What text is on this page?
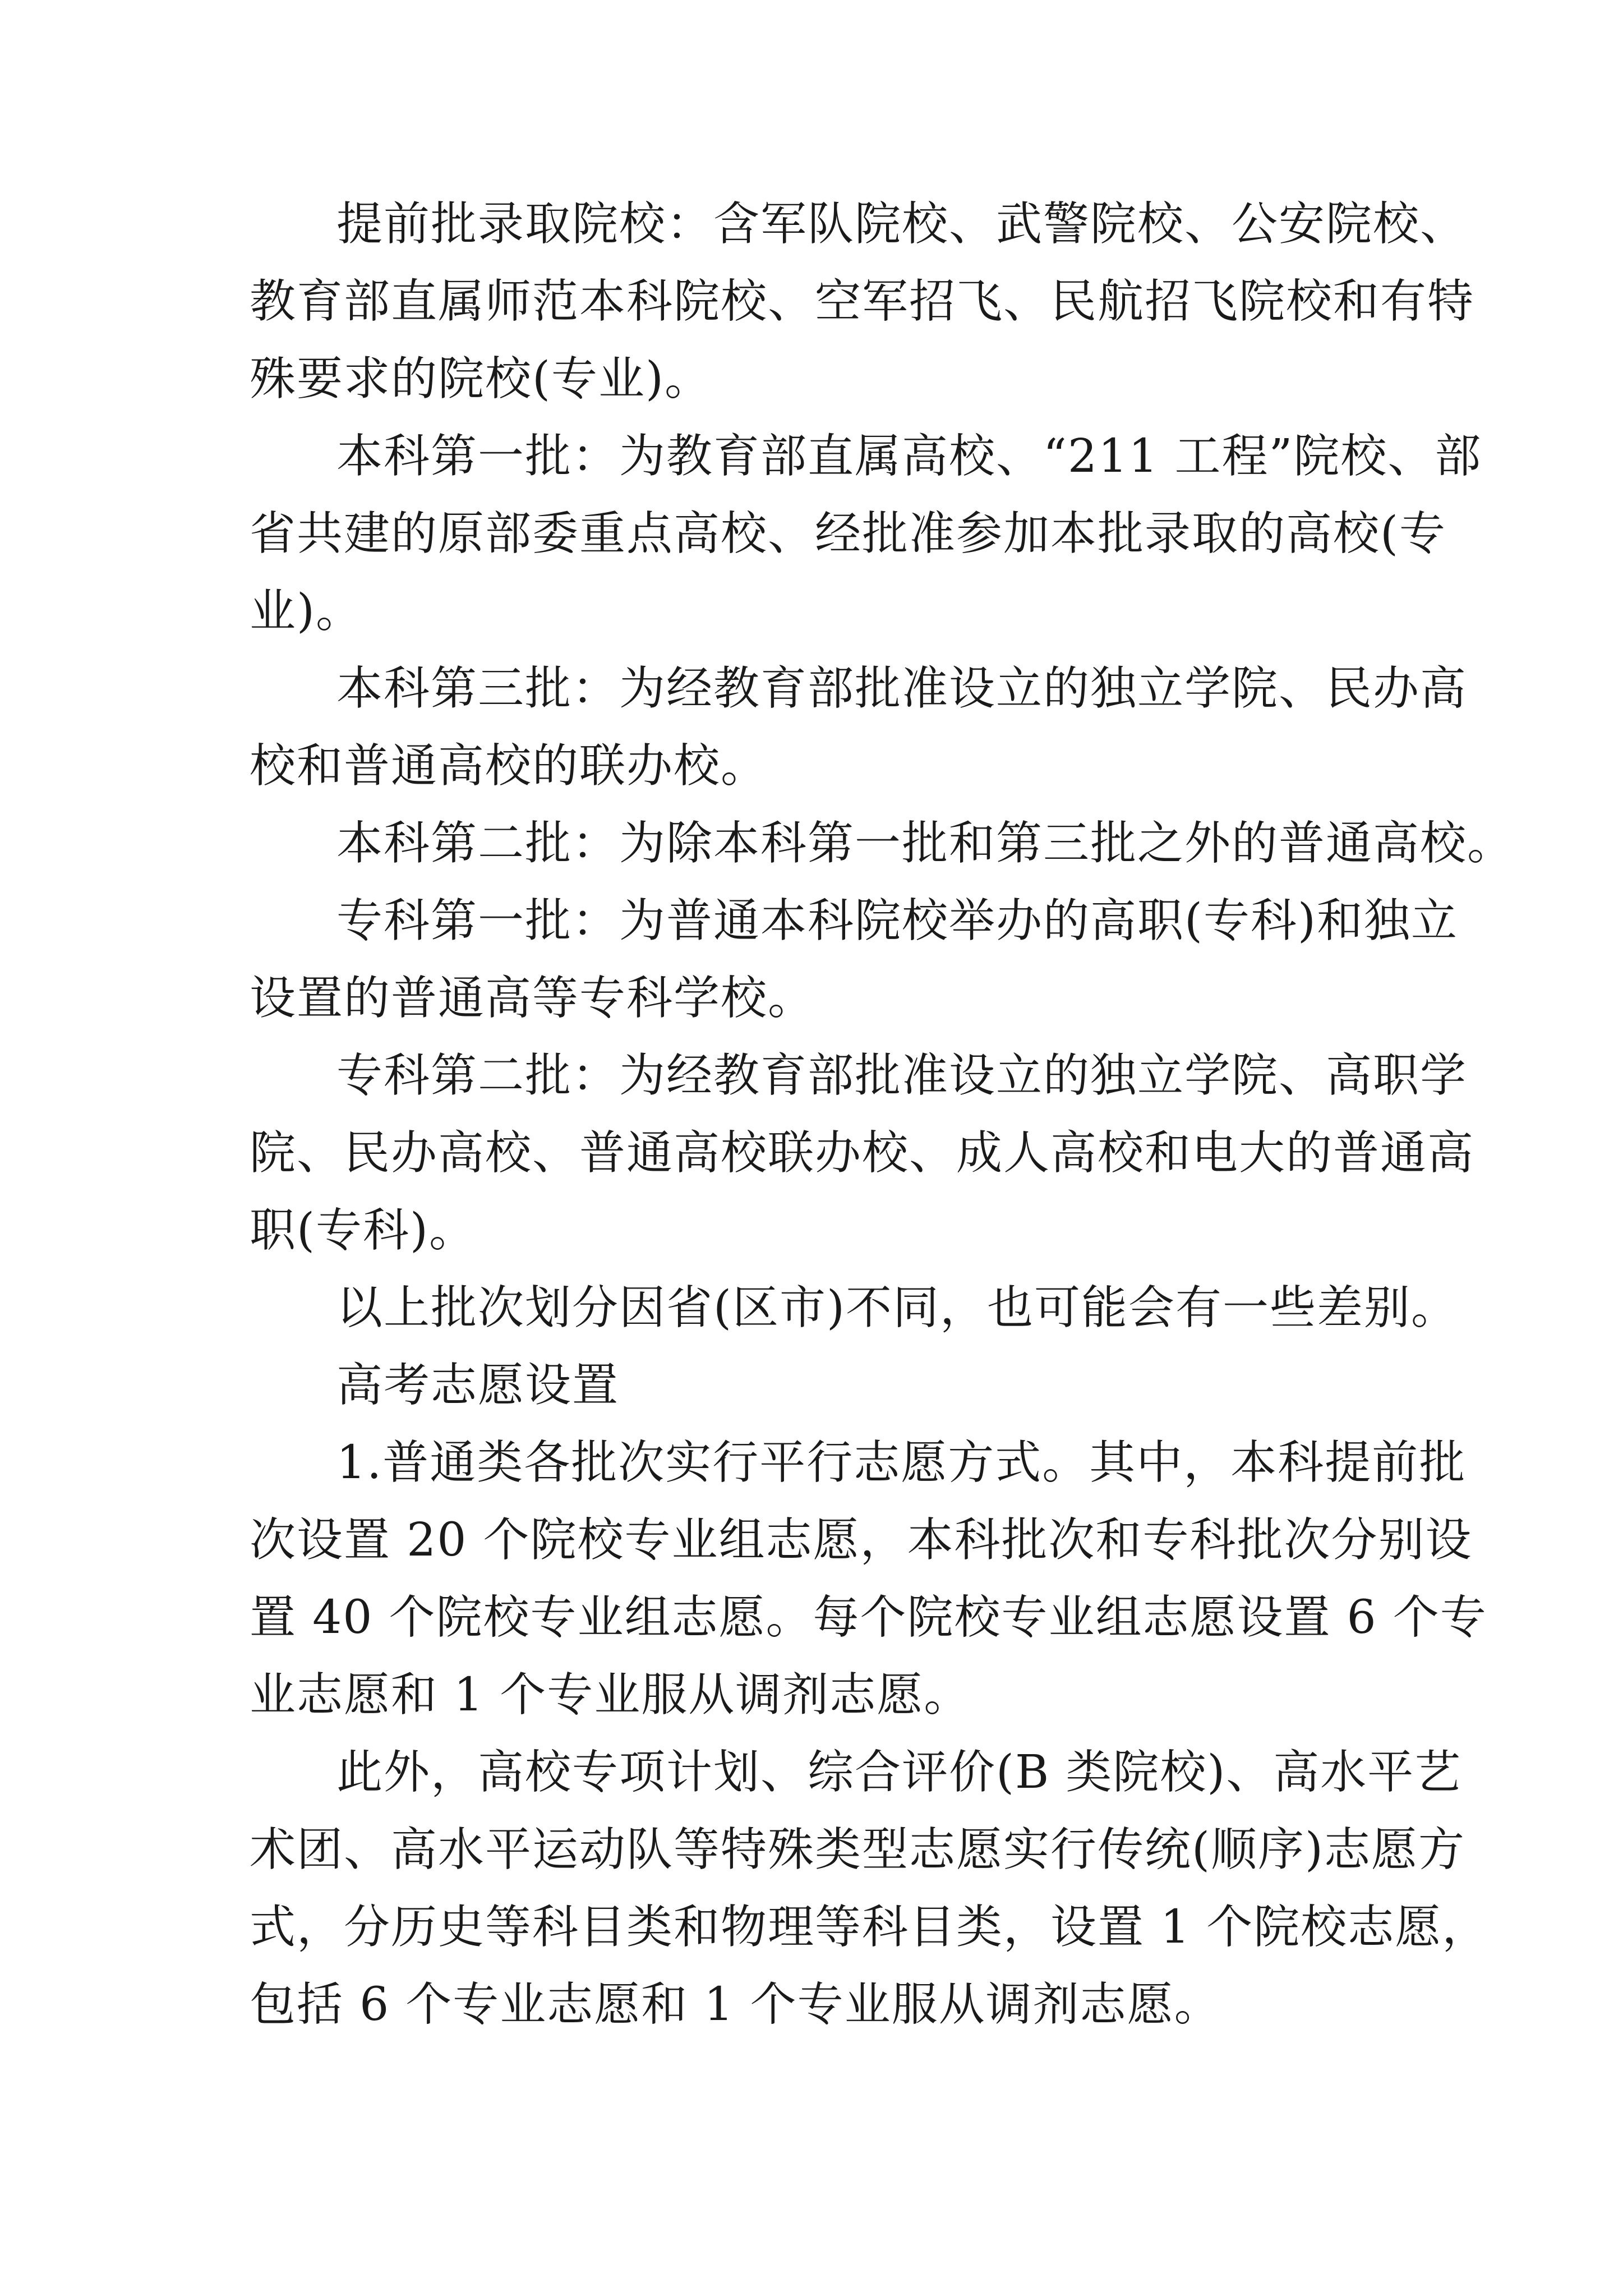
提前批录取院校：含军队院校、武警院校、公安院校、
教育部直属师范本科院校、空军招飞、民航招飞院校和有特
殊要求的院校(专业)。
本科第一批：为教育部直属高校、“211 工程”院校、部
省共建的原部委重点高校、经批准参加本批录取的高校(专
业)。
本科第三批：为经教育部批准设立的独立学院、民办高
校和普通高校的联办校。
本科第二批：为除本科第一批和第三批之外的普通高校。
专科第一批：为普通本科院校举办的高职(专科)和独立
设置的普通高等专科学校。
专科第二批：为经教育部批准设立的独立学院、高职学
院、民办高校、普通高校联办校、成人高校和电大的普通高
职(专科)。
以上批次划分因省(区市)不同，也可能会有一些差别。
高考志愿设置
1.普通类各批次实行平行志愿方式。其中，本科提前批
次设置 20 个院校专业组志愿，本科批次和专科批次分别设
置 40 个院校专业组志愿。每个院校专业组志愿设置 6 个专
业志愿和 1 个专业服从调剂志愿。
此外，高校专项计划、综合评价(B 类院校)、高水平艺
术团、高水平运动队等特殊类型志愿实行传统(顺序)志愿方
式，分历史等科目类和物理等科目类，设置 1 个院校志愿，
包括 6 个专业志愿和 1 个专业服从调剂志愿。
